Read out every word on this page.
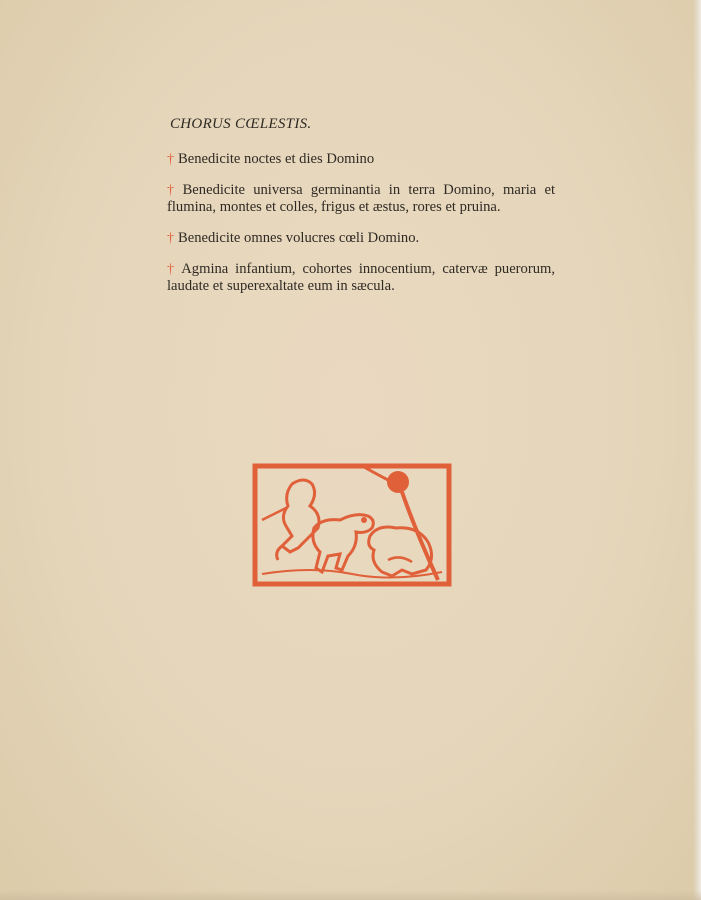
CHORUS CŒLESTIS.

† Benedicite noctes et dies Domino

† Benedicite universa germinantia in terra Domino, maria et flumina, montes et colles, frigus et æstus, rores et pruina.

† Benedicite omnes volucres cœli Domino.

† Agmina infantium, cohortes innocentium, catervæ puerorum, laudate et superexaltate eum in sæcula.
